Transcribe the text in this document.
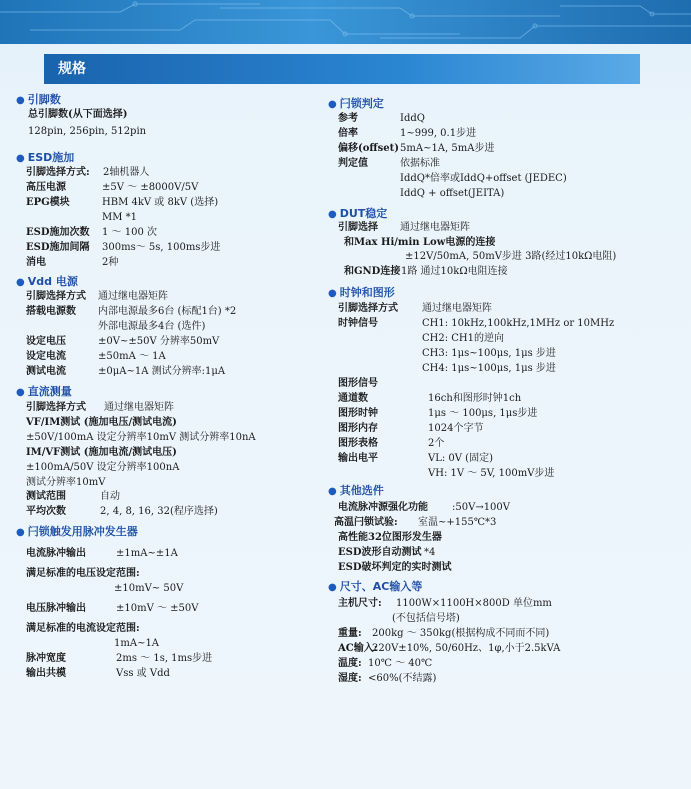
规格
● 引脚数
总引脚数(从下面选择)
128pin, 256pin, 512pin
● ESD施加
引脚选择方式: 2轴机器人
高压电源	±5V ～ ±8000V/5V
EPG模块	HBM 4kV 或 8kV (选择)
MM *1
ESD施加次数 1 ～ 100 次
ESD施加间隔 300ms～ 5s, 100ms步进
消电	2种
● Vdd 电源
引脚选择方式 通过继电器矩阵
搭载电源数 内部电源最多6台 (标配1台) *2
外部电源最多4台 (选件)
设定电压	±0V~±50V 分辨率50mV
设定电流	±50mA ～ 1A
测试电流	±0μA~1A 测试分辨率:1μA
● 直流测量
引脚选择方式 通过继电器矩阵
VF/IM测试 (施加电压/测试电流)
±50V/100mA 设定分辨率10mV 测试分辨率10nA
IM/VF测试 (施加电流/测试电压)
±100mA/50V 设定分辨率100nA
测试分辨率10mV
测试范围	自动
平均次数	2, 4, 8, 16, 32(程序选择)
● 闩锁触发用脉冲发生器
电流脉冲输出	±1mA~±1A
满足标准的电压设定范围:
±10mV~ 50V
电压脉冲输出	±10mV ～ ±50V
满足标准的电流设定范围:
1mA~1A
脉冲宽度	2ms ～ 1s, 1ms步进
输出共模	Vss 或 Vdd
● 闩锁判定
参考	IddQ
倍率	1~999, 0.1步进
偏移(offset) 5mA~1A, 5mA步进
判定值	依据标准
IddQ*倍率或IddQ+offset (JEDEC)
IddQ + offset(JEITA)
● DUT稳定
引脚选择 通过继电器矩阵
和Max Hi/min Low电源的连接
±12V/50mA, 50mV步进 3路(经过10kΩ电阻)
和GND连接 1路 通过10kΩ电阻连接
● 时钟和图形
引脚选择方式 通过继电器矩阵
时钟信号	CH1: 10kHz,100kHz,1MHz or 10MHz
CH2: CH1的逆向
CH3: 1μs~100μs, 1μs 步进
CH4: 1μs~100μs, 1μs 步进
图形信号
通道数	16ch和图形时钟1ch
图形时钟	1μs ～ 100μs, 1μs步进
图形内存	1024个字节
图形表格	2个
输出电平	VL: 0V (固定)
VH: 1V ～ 5V, 100mV步进
● 其他选件
电流脉冲源强化功能 :50V→100V
高温闩锁试验: 室温~+155℃*3
高性能32位图形发生器
ESD波形自动测试 *4
ESD破坏判定的实时测试
● 尺寸、AC输入等
主机尺寸: 1100W×1100H×800D 单位mm
(不包括信号塔)
重量: 200kg ～ 350kg(根据构成不同而不同)
AC输入:
220V±10%, 50/60Hz、1φ,小于2.5kVA
温度: 10℃ ～ 40℃
湿度: <60%(不结露)
